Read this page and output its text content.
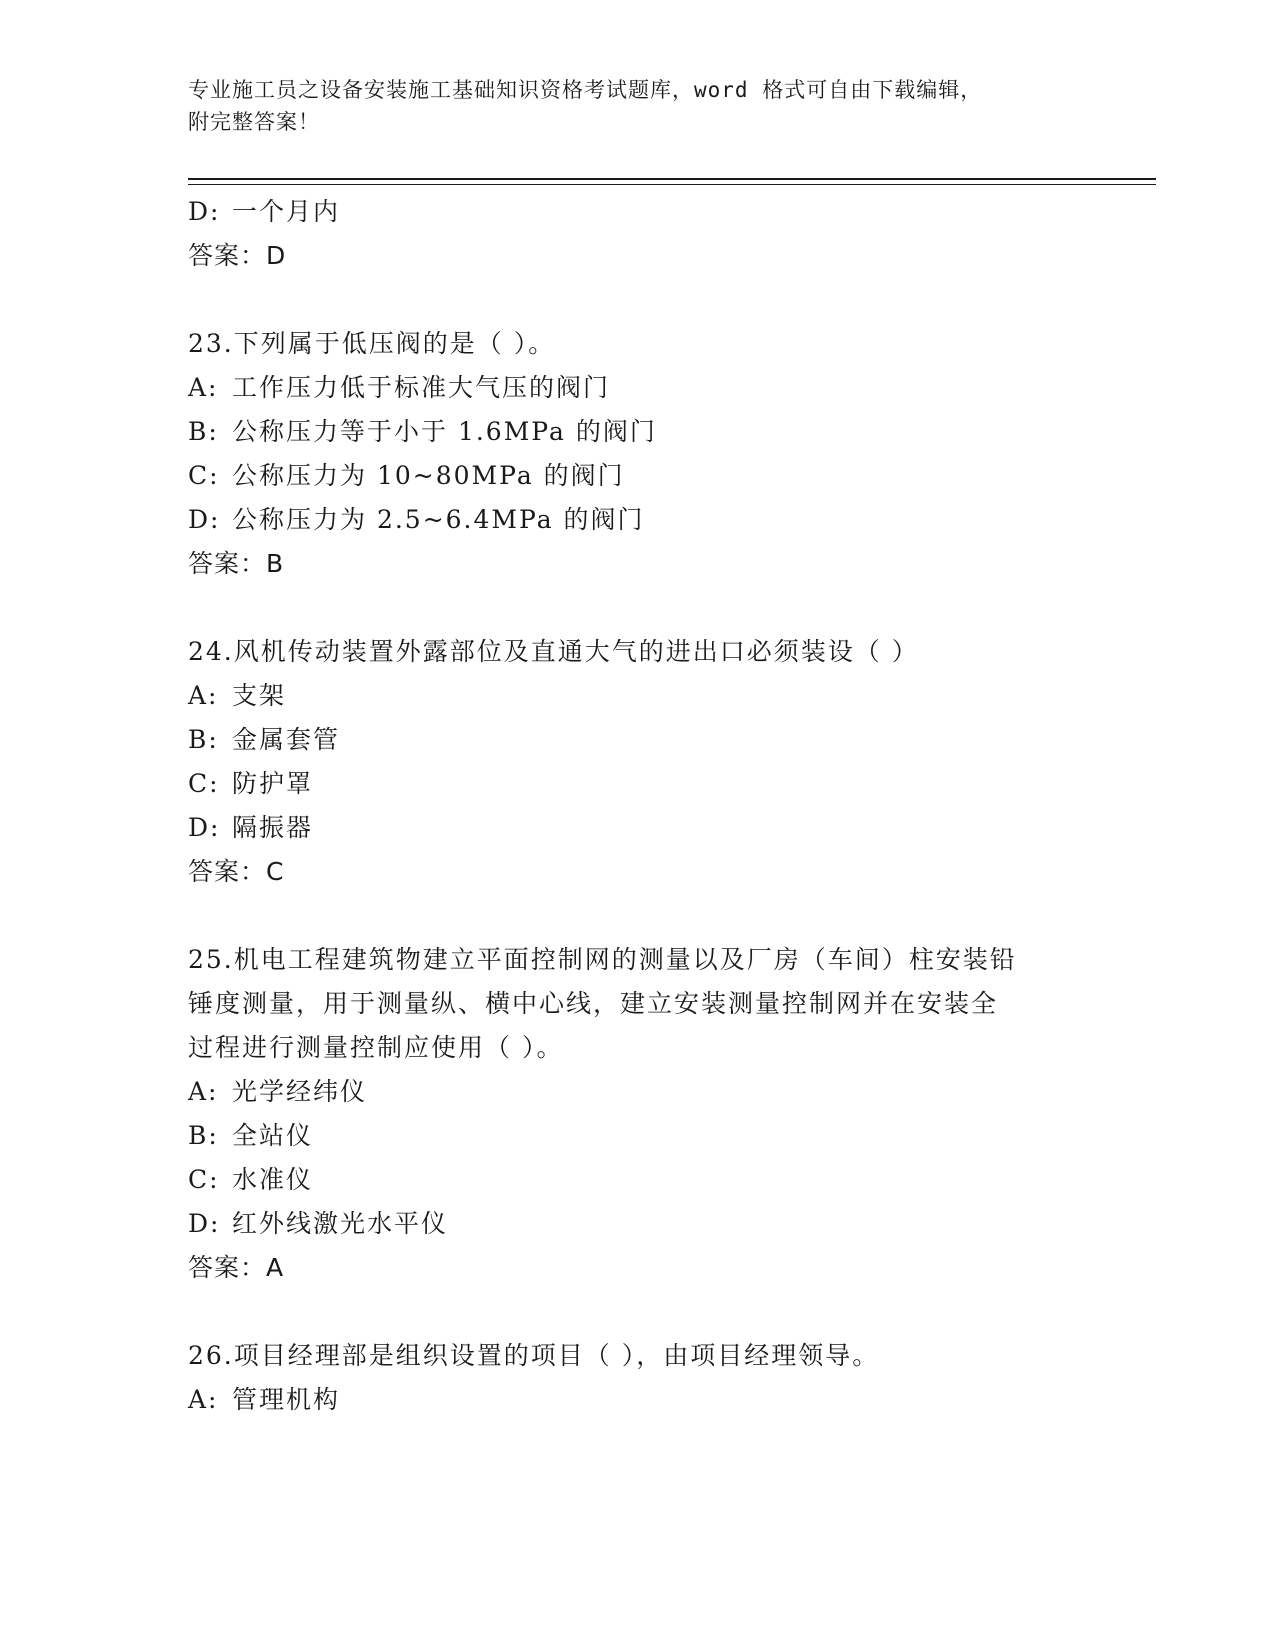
专业施工员之设备安装施工基础知识资格考试题库，word 格式可自由下载编辑，
附完整答案！
D: 一个月内
答案：D
23.下列属于低压阀的是（ ）。
A: 工作压力低于标准大气压的阀门
B: 公称压力等于小于 1.6MPa 的阀门
C: 公称压力为 10~80MPa 的阀门
D: 公称压力为 2.5~6.4MPa 的阀门
答案：B
24.风机传动装置外露部位及直通大气的进出口必须装设（ ）
A: 支架
B: 金属套管
C: 防护罩
D: 隔振器
答案：C
25.机电工程建筑物建立平面控制网的测量以及厂房（车间）柱安装铅
锤度测量，用于测量纵、横中心线，建立安装测量控制网并在安装全
过程进行测量控制应使用（ ）。
A: 光学经纬仪
B: 全站仪
C: 水准仪
D: 红外线激光水平仪
答案：A
26.项目经理部是组织设置的项目（ ），由项目经理领导。
A: 管理机构
